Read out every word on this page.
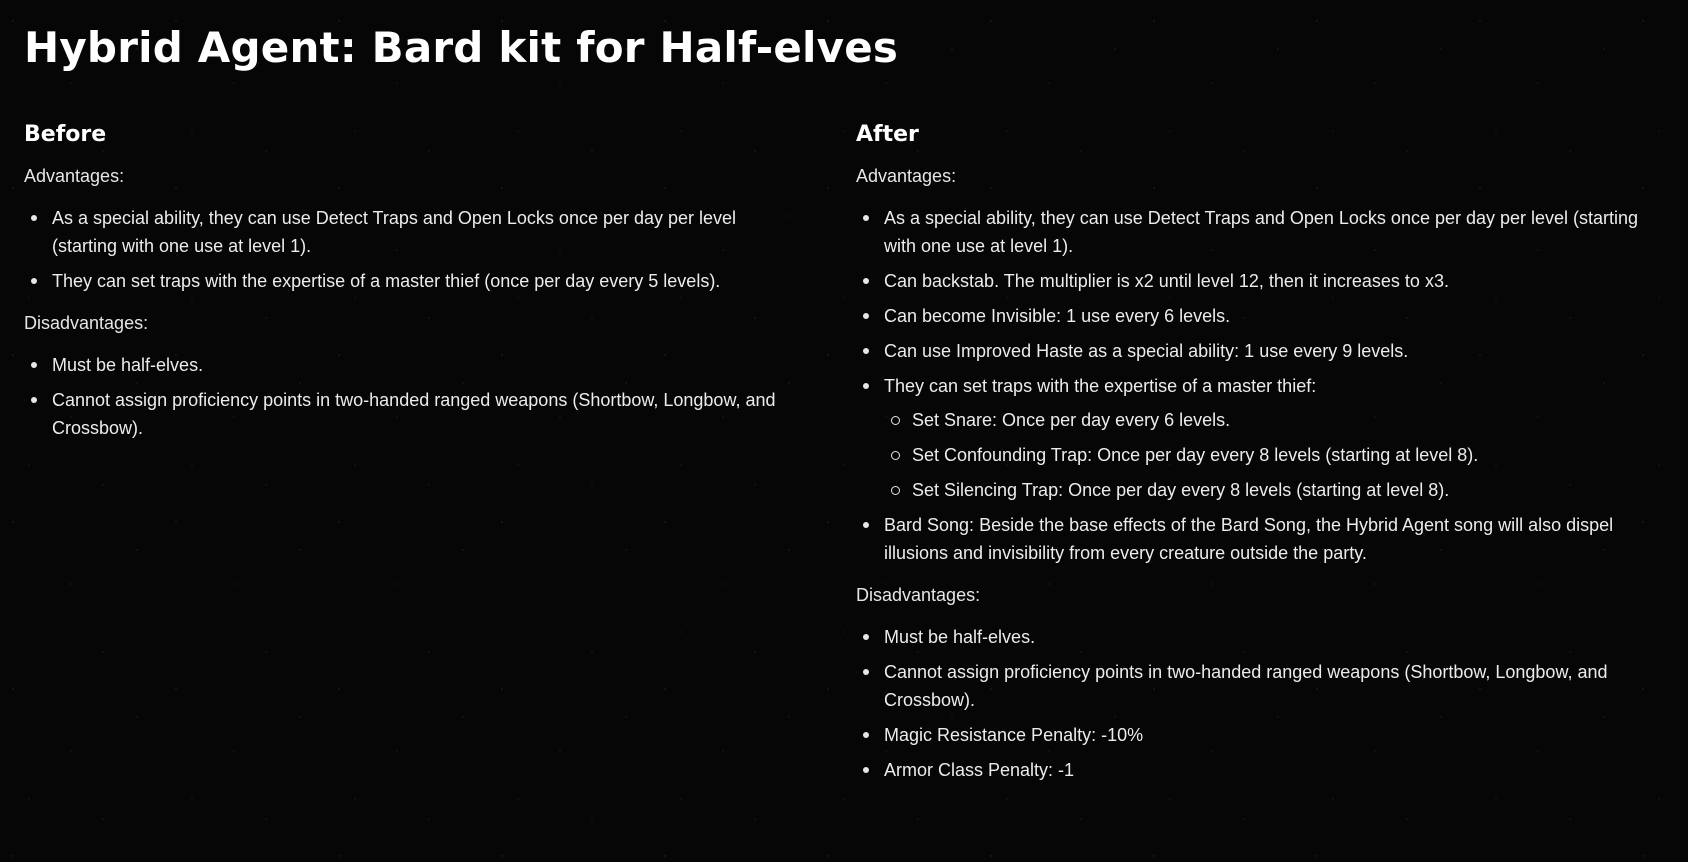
Hybrid Agent: Bard kit for Half-elves
Before

Advantages:

As a special ability, they can use Detect Traps and Open Locks once per day per level (starting with one use at level 1).
They can set traps with the expertise of a master thief (once per day every 5 levels).

Disadvantages:

Must be half-elves.
Cannot assign proficiency points in two-handed ranged weapons (Shortbow, Longbow, and Crossbow).
After

Advantages:

As a special ability, they can use Detect Traps and Open Locks once per day per level (starting with one use at level 1).
Can backstab. The multiplier is x2 until level 12, then it increases to x3.
Can become Invisible: 1 use every 6 levels.
Can use Improved Haste as a special ability: 1 use every 9 levels.
They can set traps with the expertise of a master thief:
Set Snare: Once per day every 6 levels.
Set Confounding Trap: Once per day every 8 levels (starting at level 8).
Set Silencing Trap: Once per day every 8 levels (starting at level 8).
Bard Song: Beside the base effects of the Bard Song, the Hybrid Agent song will also dispel illusions and invisibility from every creature outside the party.

Disadvantages:

Must be half-elves.
Cannot assign proficiency points in two-handed ranged weapons (Shortbow, Longbow, and Crossbow).
Magic Resistance Penalty: -10%
Armor Class Penalty: -1
